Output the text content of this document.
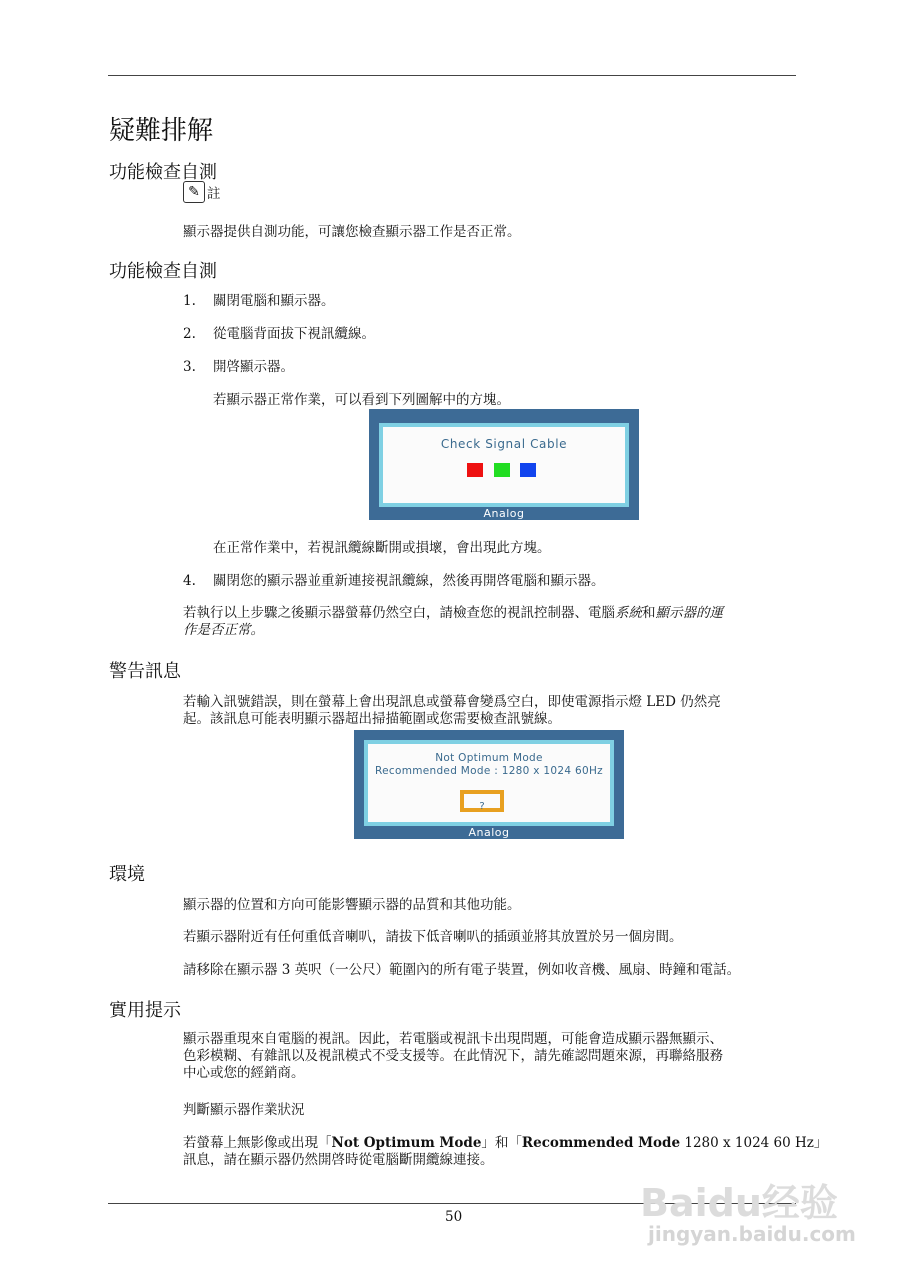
疑難排解
功能檢查自測
✎ 註
顯示器提供自測功能，可讓您檢查顯示器工作是否正常。
功能檢查自測
1. 關閉電腦和顯示器。
2. 從電腦背面拔下視訊纜線。
3. 開啓顯示器。
若顯示器正常作業，可以看到下列圖解中的方塊。
Check Signal Cable
Analog
在正常作業中，若視訊纜線斷開或損壞，會出現此方塊。
4. 關閉您的顯示器並重新連接視訊纜線，然後再開啓電腦和顯示器。
若執行以上步驟之後顯示器螢幕仍然空白，請檢查您的視訊控制器、電腦系統和顯示器的運
作是否正常。
警告訊息
若輸入訊號錯誤，則在螢幕上會出現訊息或螢幕會變爲空白，即使電源指示燈 LED 仍然亮
起。該訊息可能表明顯示器超出掃描範圍或您需要檢查訊號線。
Not Optimum Mode
Recommended Mode : 1280 x 1024 60Hz
?
Analog
環境
顯示器的位置和方向可能影響顯示器的品質和其他功能。
若顯示器附近有任何重低音喇叭，請拔下低音喇叭的插頭並將其放置於另一個房間。
請移除在顯示器 3 英呎（一公尺）範圍內的所有電子裝置，例如收音機、風扇、時鐘和電話。
實用提示
顯示器重現來自電腦的視訊。因此，若電腦或視訊卡出現問題，可能會造成顯示器無顯示、
色彩模糊、有雜訊以及視訊模式不受支援等。在此情況下，請先確認問題來源，再聯絡服務
中心或您的經銷商。
判斷顯示器作業狀況
若螢幕上無影像或出現「Not Optimum Mode」和「Recommended Mode 1280 x 1024 60 Hz」
訊息，請在顯示器仍然開啓時從電腦斷開纜線連接。
50	Baidu经验
jingyan.baidu.com
